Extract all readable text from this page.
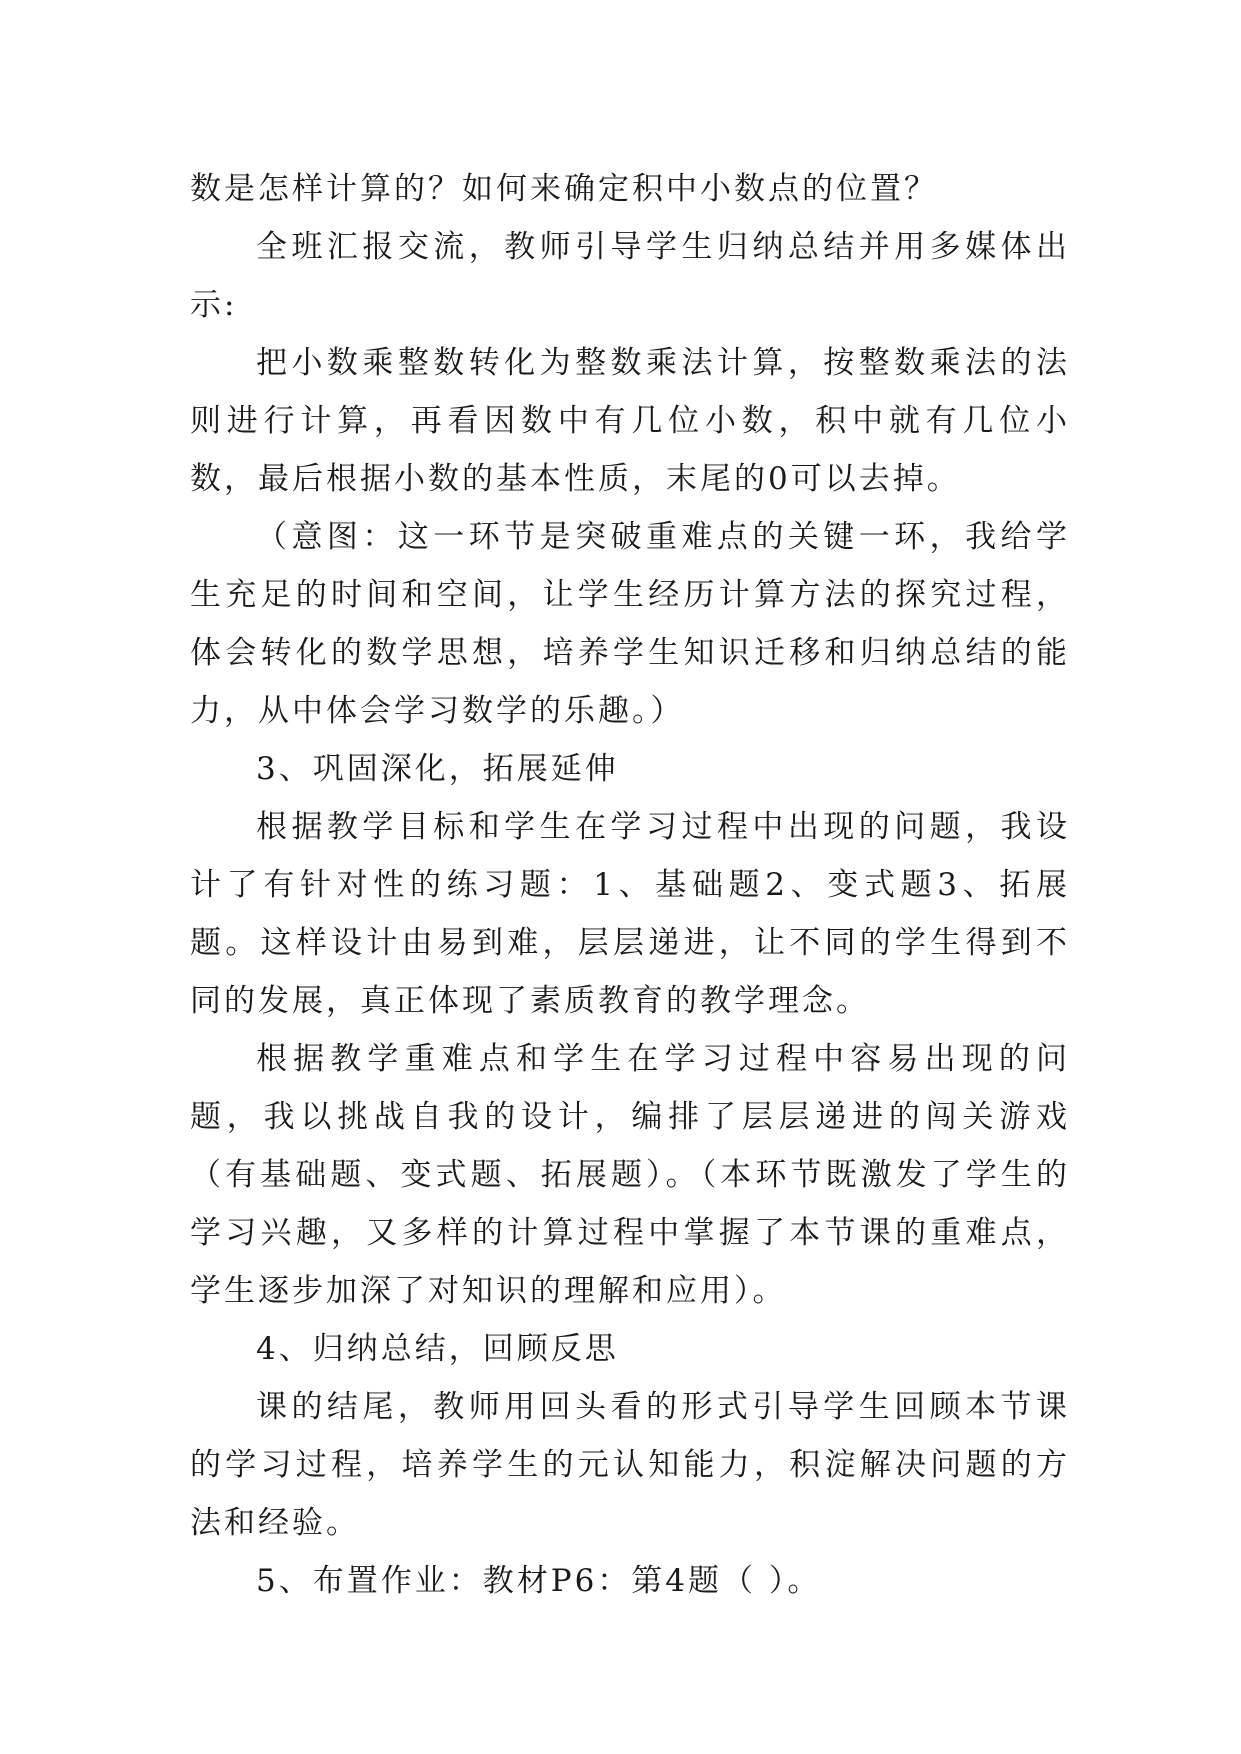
数是怎样计算的？如何来确定积中小数点的位置？

全班汇报交流，教师引导学生归纳总结并用多媒体出示:

把小数乘整数转化为整数乘法计算，按整数乘法的法则进行计算，再看因数中有几位小数，积中就有几位小数，最后根据小数的基本性质，末尾的0可以去掉。

（意图：这一环节是突破重难点的关键一环，我给学生充足的时间和空间，让学生经历计算方法的探究过程，体会转化的数学思想，培养学生知识迁移和归纳总结的能力，从中体会学习数学的乐趣。）

3、巩固深化，拓展延伸

根据教学目标和学生在学习过程中出现的问题，我设计了有针对性的练习题：1、基础题2、变式题3、拓展题。这样设计由易到难，层层递进，让不同的学生得到不同的发展，真正体现了素质教育的教学理念。

根据教学重难点和学生在学习过程中容易出现的问题，我以挑战自我的设计，编排了层层递进的闯关游戏（有基础题、变式题、拓展题）。（本环节既激发了学生的学习兴趣，又多样的计算过程中掌握了本节课的重难点，学生逐步加深了对知识的理解和应用）。

4、归纳总结，回顾反思

课的结尾，教师用回头看的形式引导学生回顾本节课的学习过程，培养学生的元认知能力，积淀解决问题的方法和经验。

5、布置作业：教材P6：第4题（ ）。
